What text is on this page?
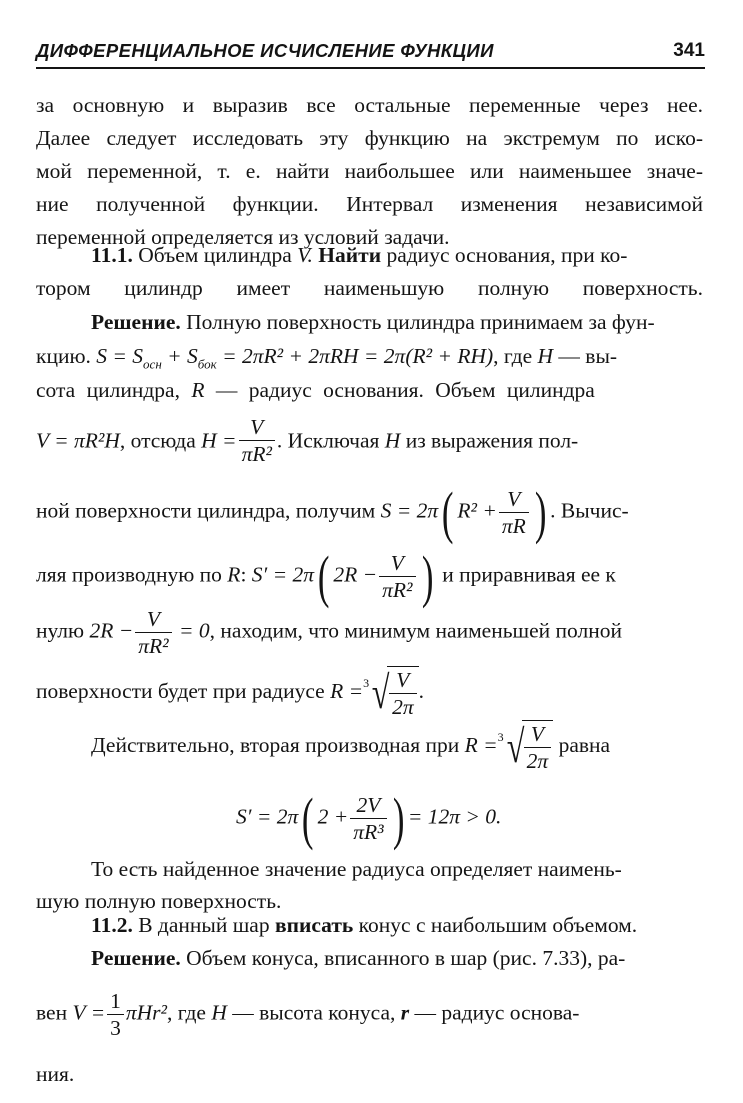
ДИФФЕРЕНЦИАЛЬНОЕ ИСЧИСЛЕНИЕ ФУНКЦИИ	341
за основную и выразив все остальные переменные через нее.
Далее следует исследовать эту функцию на экстремум по иско-
мой переменной, т. е. найти наибольшее или наименьшее значе-
ние полученной функции. Интервал изменения независимой
переменной определяется из условий задачи.
11.1. Объем цилиндра V. Найти радиус основания, при ко-
тором цилиндр имеет наименьшую полную поверхность.
Решение. Полную поверхность цилиндра принимаем за фун-
кцию. $S = S_{осн} + S_{бок} = 2\pi R^2 + 2\pi RH = 2\pi(R^2 + RH)$, где H — вы-
сота цилиндра, R — радиус основания. Объем цилиндра
V = πR²H, отсюда $H = \frac{V}{\text{πR²}}$ . Исключая H из выражения пол-
ной поверхности цилиндра, получим S = 2π( $R^2 + \frac{V}{\pi R}$ ) . Вычис-
ляя производную по R: S′ = 2π( $2R - \frac{V}{\text{πR²}}$ ) и приравнивая ее к
нулю $2R - \frac{V}{\text{πR²}} = 0$, находим, что минимум наименьшей полной
поверхности будет при радиусе R = 3 √ $\frac{V}{2\pi}$ .
Действительно, вторая производная при R = 3 √ $\frac{V}{2\pi}$ равна
S′ = 2π( $2 + \frac{2V}{\text{πR³}}$ ) = 12π > 0.
То есть найденное значение радиуса определяет наимень-
шую полную поверхность.
11.2. В данный шар вписать конус с наибольшим объемом.
Решение. Объем конуса, вписанного в шар (рис. 7.33), ра-
вен $V = \frac{1}{3} \pi Hr^2$, где H — высота конуса, r — радиус основа-
ния.
